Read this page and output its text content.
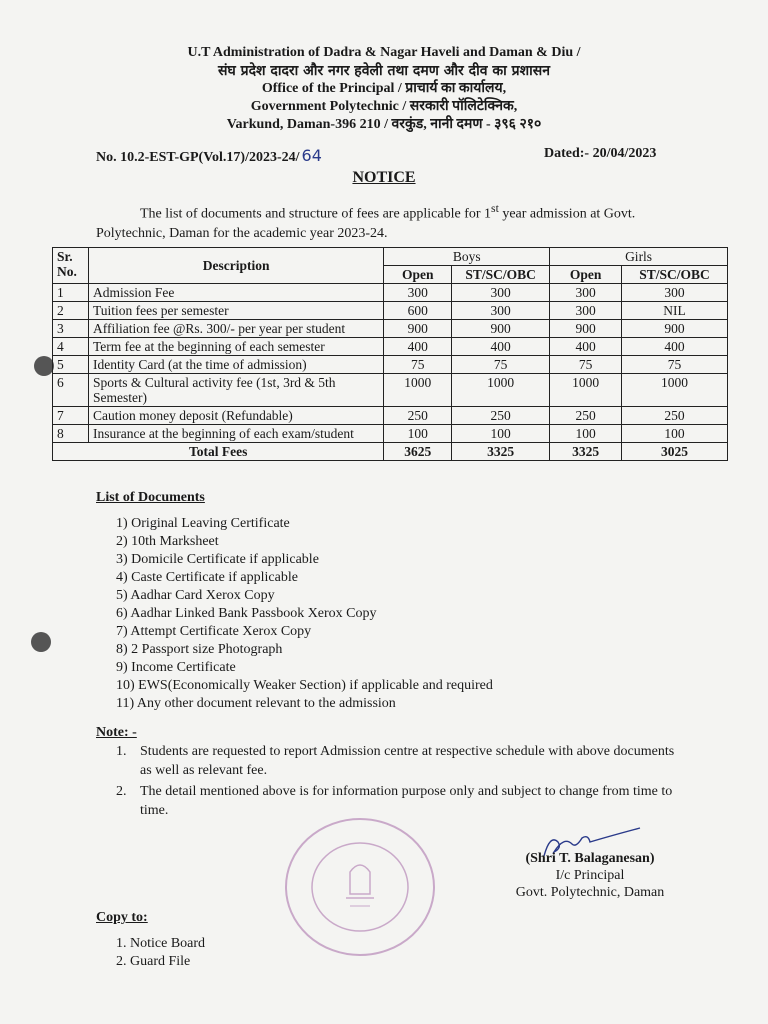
U.T Administration of Dadra & Nagar Haveli and Daman & Diu /
संघ प्रदेश दादरा और नगर हवेली तथा दमण और दीव का प्रशासन
Office of the Principal / प्राचार्य का कार्यालय,
Government Polytechnic / सरकारी पॉलिटेक्निक,
Varkund, Daman-396 210 / वरकुंड, नानी दमण - ३९६ २१०
No. 10.2-EST-GP(Vol.17)/2023-24/ 64	Dated:- 20/04/2023
NOTICE
The list of documents and structure of fees are applicable for 1st year admission at Govt. Polytechnic, Daman for the academic year 2023-24.
Sr. No.	Description	Boys		Girls	
		Open	ST/SC/OBC	Open	ST/SC/OBC
1	Admission Fee	300	300	300	300
2	Tuition fees per semester	600	300	300	NIL
3	Affiliation fee @Rs. 300/- per year per student	900	900	900	900
4	Term fee at the beginning of each semester	400	400	400	400
5	Identity Card (at the time of admission)	75	75	75	75
6	Sports & Cultural activity fee (1st, 3rd & 5th Semester)	1000	1000	1000	1000
7	Caution money deposit (Refundable)	250	250	250	250
8	Insurance at the beginning of each exam/student	100	100	100	100
Total Fees		3625	3325	3325	3025
List of Documents
1) Original Leaving Certificate
2) 10th Marksheet
3) Domicile Certificate if applicable
4) Caste Certificate if applicable
5) Aadhar Card Xerox Copy
6) Aadhar Linked Bank Passbook Xerox Copy
7) Attempt Certificate Xerox Copy
8) 2 Passport size Photograph
9) Income Certificate
10) EWS(Economically Weaker Section) if applicable and required
11) Any other document relevant to the admission
Note: -
1. Students are requested to report Admission centre at respective schedule with above documents as well as relevant fee.
2. The detail mentioned above is for information purpose only and subject to change from time to time.
(Shri T. Balaganesan)
I/c Principal
Govt. Polytechnic, Daman
Copy to:
1. Notice Board
2. Guard File
